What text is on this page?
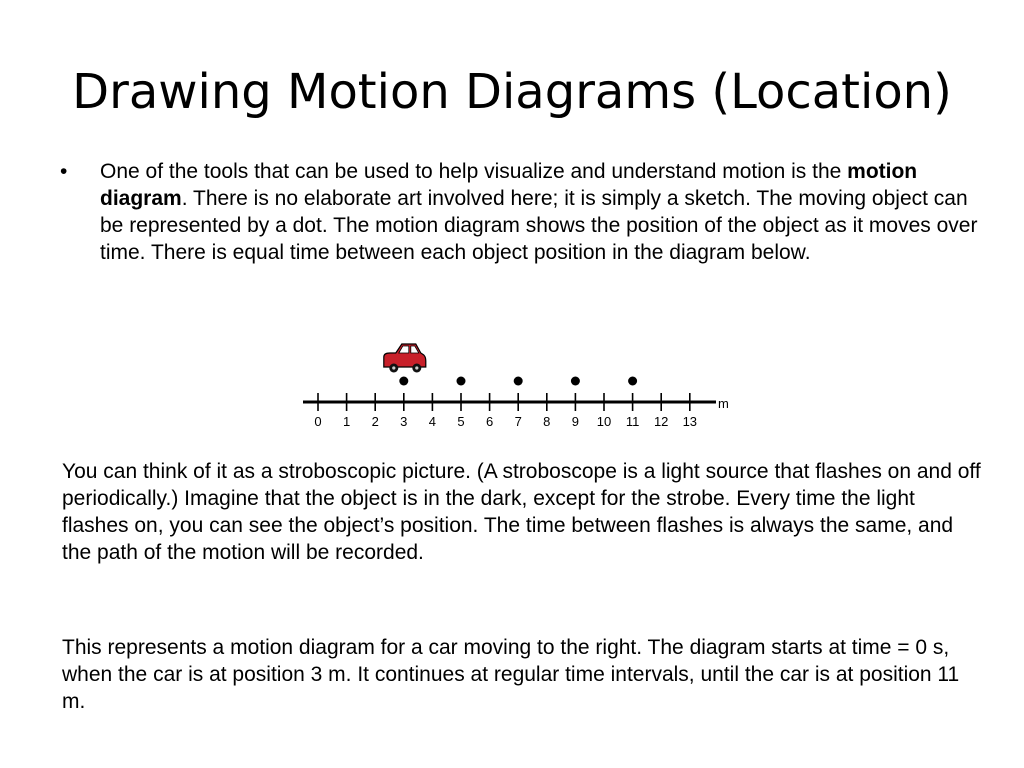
Drawing Motion Diagrams (Location)
•	One of the tools that can be used to help visualize and understand motion is the motion diagram. There is no elaborate art involved here; it is simply a sketch. The moving object can be represented by a dot. The motion diagram shows the position of the object as it moves over time. There is equal time between each object position in the diagram below.
0 1 2 3 4 5 6 7 8 9 10 11 12 13
m
You can think of it as a stroboscopic picture. (A stroboscope is a light source that flashes on and off periodically.) Imagine that the object is in the dark, except for the strobe. Every time the light flashes on, you can see the object’s position. The time between flashes is always the same, and the path of the motion will be recorded.
This represents a motion diagram for a car moving to the right. The diagram starts at time = 0 s, when the car is at position 3 m. It continues at regular time intervals, until the car is at position 11 m.
